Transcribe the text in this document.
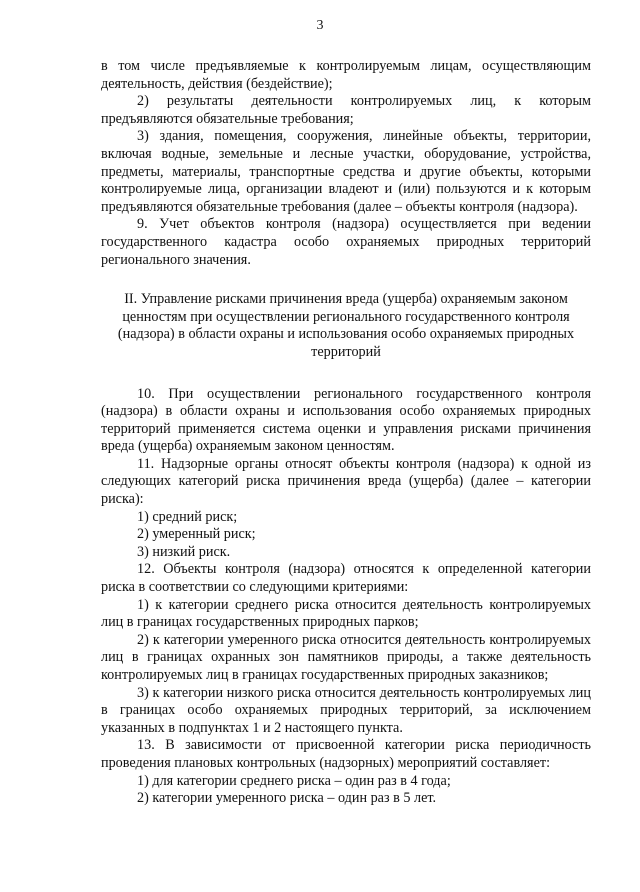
3

в том числе предъявляемые к контролируемым лицам, осуществляющим деятельность, действия (бездействие);

2) результаты деятельности контролируемых лиц, к которым предъявляются обязательные требования;

3) здания, помещения, сооружения, линейные объекты, территории, включая водные, земельные и лесные участки, оборудование, устройства, предметы, материалы, транспортные средства и другие объекты, которыми контролируемые лица, организации владеют и (или) пользуются и к которым предъявляются обязательные требования (далее – объекты контроля (надзора).

9. Учет объектов контроля (надзора) осуществляется при ведении государственного кадастра особо охраняемых природных территорий регионального значения.

II. Управление рисками причинения вреда (ущерба) охраняемым законом ценностям при осуществлении регионального государственного контроля (надзора) в области охраны и использования особо охраняемых природных территорий

10. При осуществлении регионального государственного контроля (надзора) в области охраны и использования особо охраняемых природных территорий применяется система оценки и управления рисками причинения вреда (ущерба) охраняемым законом ценностям.

11. Надзорные органы относят объекты контроля (надзора) к одной из следующих категорий риска причинения вреда (ущерба) (далее – категории риска):

1) средний риск;

2) умеренный риск;

3) низкий риск.

12. Объекты контроля (надзора) относятся к определенной категории риска в соответствии со следующими критериями:

1) к категории среднего риска относится деятельность контролируемых лиц в границах государственных природных парков;

2) к категории умеренного риска относится деятельность контролируемых лиц в границах охранных зон памятников природы, а также деятельность контролируемых лиц в границах государственных природных заказников;

3) к категории низкого риска относится деятельность контролируемых лиц в границах особо охраняемых природных территорий, за исключением указанных в подпунктах 1 и 2 настоящего пункта.

13. В зависимости от присвоенной категории риска периодичность проведения плановых контрольных (надзорных) мероприятий составляет:

1) для категории среднего риска – один раз в 4 года;

2) категории умеренного риска – один раз в 5 лет.
